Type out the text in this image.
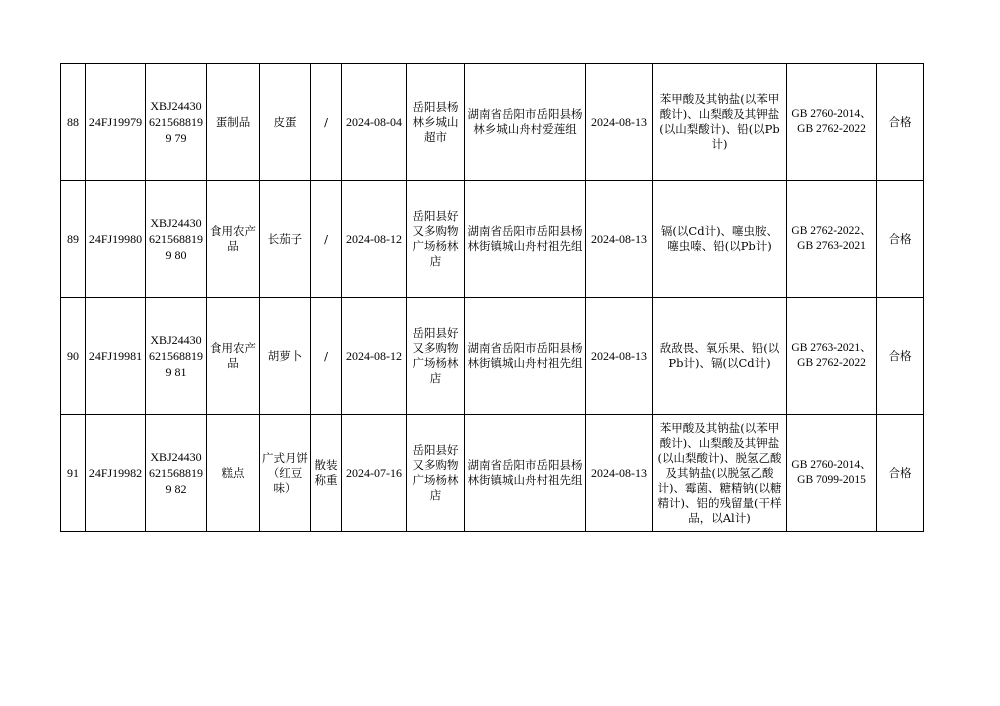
88	24FJ19979	XBJ244306215688199 79	蛋制品	皮蛋	/	2024-08-04	岳阳县杨林乡城山超市	湖南省岳阳市岳阳县杨林乡城山舟村爱莲组	2024-08-13	苯甲酸及其钠盐(以苯甲酸计)、山梨酸及其钾盐(以山梨酸计)、铅(以Pb计)	GB 2760-2014、GB 2762-2022	合格
89	24FJ19980	XBJ244306215688199 80	食用农产品	长茄子	/	2024-08-12	岳阳县好又多购物广场杨林店	湖南省岳阳市岳阳县杨林街镇城山舟村祖先组	2024-08-13	镉(以Cd计)、噻虫胺、噻虫嗪、铅(以Pb计)	GB 2762-2022、GB 2763-2021	合格
90	24FJ19981	XBJ244306215688199 81	食用农产品	胡萝卜	/	2024-08-12	岳阳县好又多购物广场杨林店	湖南省岳阳市岳阳县杨林街镇城山舟村祖先组	2024-08-13	敌敌畏、氧乐果、铅(以Pb计)、镉(以Cd计)	GB 2763-2021、GB 2762-2022	合格
91	24FJ19982	XBJ244306215688199 82	糕点	广式月饼（红豆味）	散装称重	2024-07-16	岳阳县好又多购物广场杨林店	湖南省岳阳市岳阳县杨林街镇城山舟村祖先组	2024-08-13	苯甲酸及其钠盐(以苯甲酸计)、山梨酸及其钾盐(以山梨酸计)、脱氢乙酸及其钠盐(以脱氢乙酸计)、霉菌、糖精钠(以糖精计)、铝的残留量(干样品，以Al计)	GB 2760-2014、GB 7099-2015	合格
